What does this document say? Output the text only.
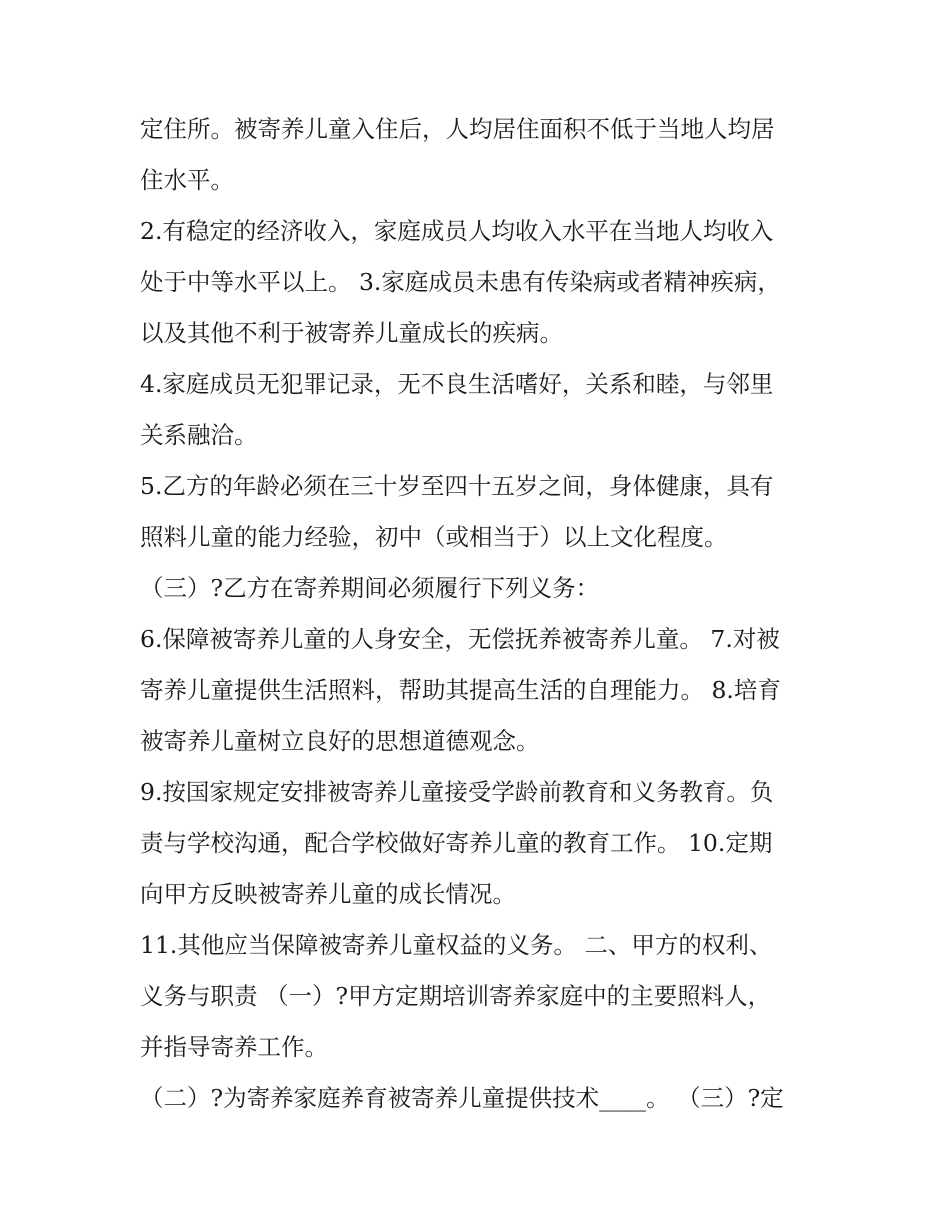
定住所。被寄养儿童入住后，人均居住面积不低于当地人均居
住水平。
2.有稳定的经济收入，家庭成员人均收入水平在当地人均收入
处于中等水平以上。 3.家庭成员未患有传染病或者精神疾病，
以及其他不利于被寄养儿童成长的疾病。
4.家庭成员无犯罪记录，无不良生活嗜好，关系和睦，与邻里
关系融洽。
5.乙方的年龄必须在三十岁至四十五岁之间，身体健康，具有
照料儿童的能力经验，初中（或相当于）以上文化程度。
（三）?乙方在寄养期间必须履行下列义务：
6.保障被寄养儿童的人身安全，无偿抚养被寄养儿童。 7.对被
寄养儿童提供生活照料，帮助其提高生活的自理能力。 8.培育
被寄养儿童树立良好的思想道德观念。
9.按国家规定安排被寄养儿童接受学龄前教育和义务教育。负
责与学校沟通，配合学校做好寄养儿童的教育工作。 10.定期
向甲方反映被寄养儿童的成长情况。
11.其他应当保障被寄养儿童权益的义务。 二、甲方的权利、
义务与职责 （一）?甲方定期培训寄养家庭中的主要照料人，
并指导寄养工作。
（二）?为寄养家庭养育被寄养儿童提供技术____。 （三）?定
